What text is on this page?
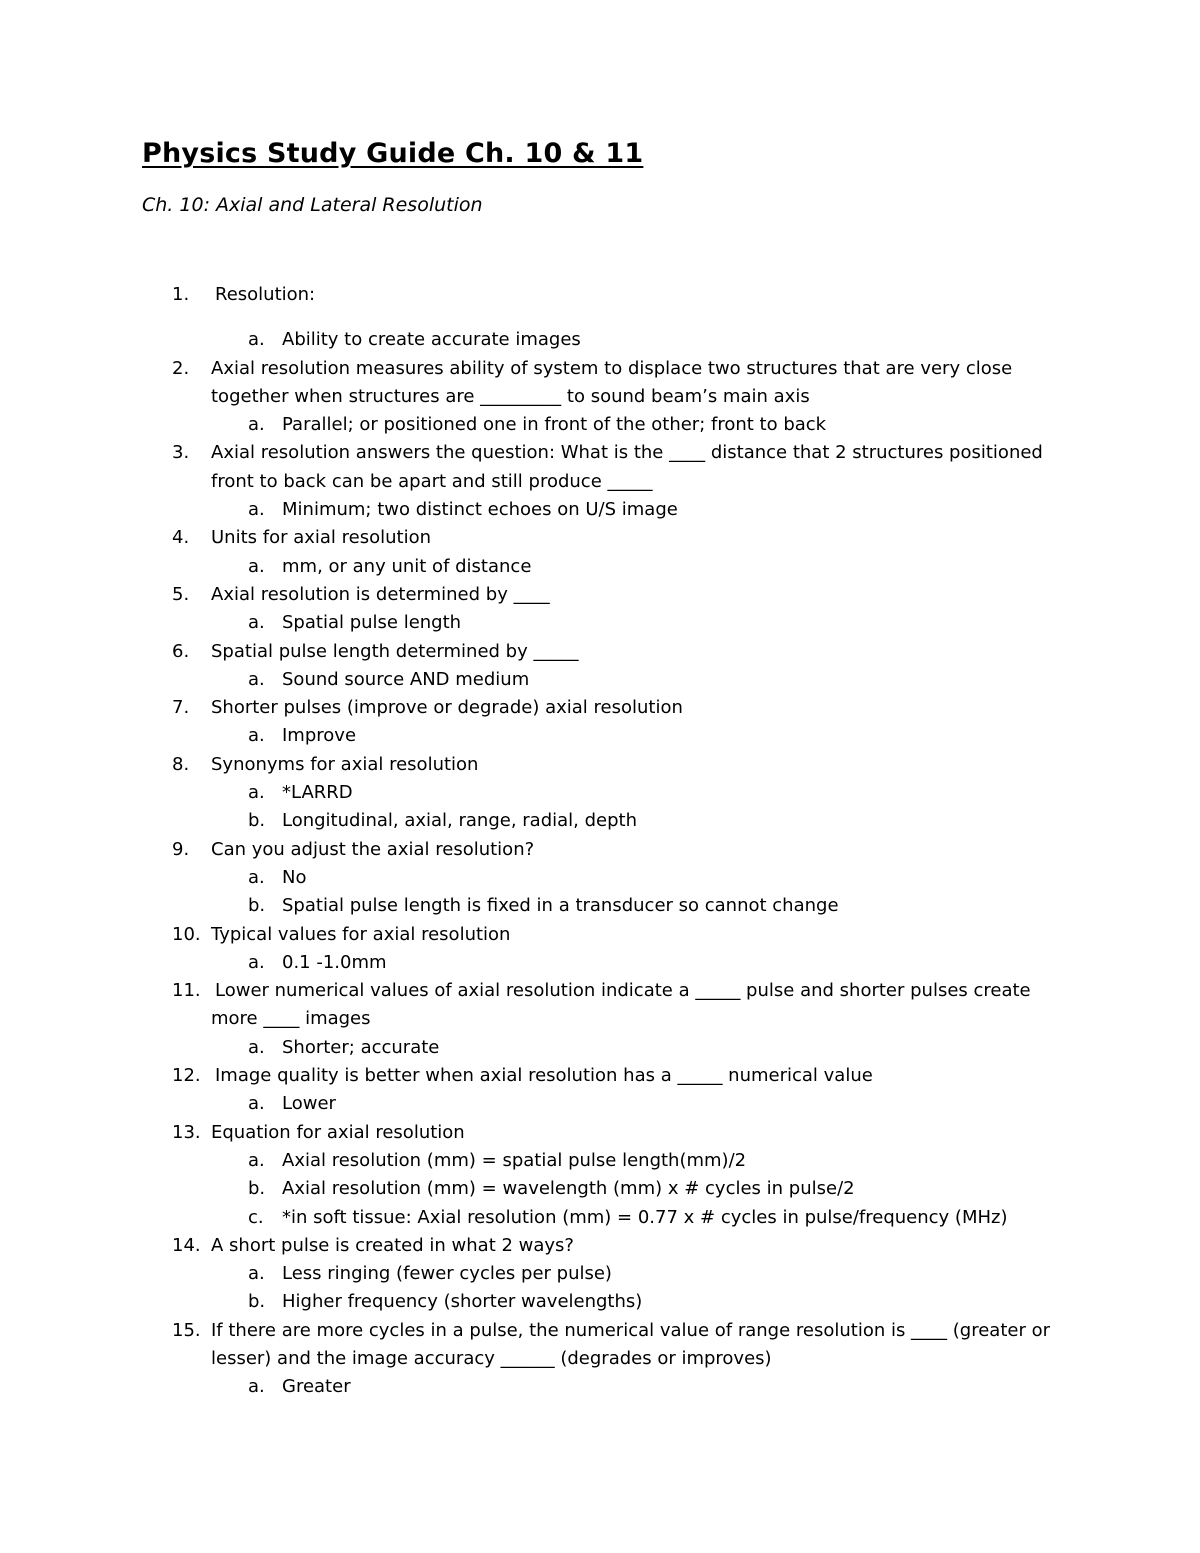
Physics Study Guide Ch. 10 & 11
Ch. 10: Axial and Lateral Resolution
1. Resolution:
a. Ability to create accurate images
2. Axial resolution measures ability of system to displace two structures that are very close
together when structures are _________ to sound beam’s main axis
a. Parallel; or positioned one in front of the other; front to back
3. Axial resolution answers the question: What is the ____ distance that 2 structures positioned
front to back can be apart and still produce _____
a. Minimum; two distinct echoes on U/S image
4. Units for axial resolution
a. mm, or any unit of distance
5. Axial resolution is determined by ____
a. Spatial pulse length
6. Spatial pulse length determined by _____
a. Sound source AND medium
7. Shorter pulses (improve or degrade) axial resolution
a. Improve
8. Synonyms for axial resolution
a. *LARRD
b. Longitudinal, axial, range, radial, depth
9. Can you adjust the axial resolution?
a. No
b. Spatial pulse length is fixed in a transducer so cannot change
10. Typical values for axial resolution
a. 0.1 -1.0mm
11. Lower numerical values of axial resolution indicate a _____ pulse and shorter pulses create
more ____ images
a. Shorter; accurate
12. Image quality is better when axial resolution has a _____ numerical value
a. Lower
13. Equation for axial resolution
a. Axial resolution (mm) = spatial pulse length(mm)/2
b. Axial resolution (mm) = wavelength (mm) x # cycles in pulse/2
c. *in soft tissue: Axial resolution (mm) = 0.77 x # cycles in pulse/frequency (MHz)
14. A short pulse is created in what 2 ways?
a. Less ringing (fewer cycles per pulse)
b. Higher frequency (shorter wavelengths)
15. If there are more cycles in a pulse, the numerical value of range resolution is ____ (greater or
lesser) and the image accuracy ______ (degrades or improves)
a. Greater
